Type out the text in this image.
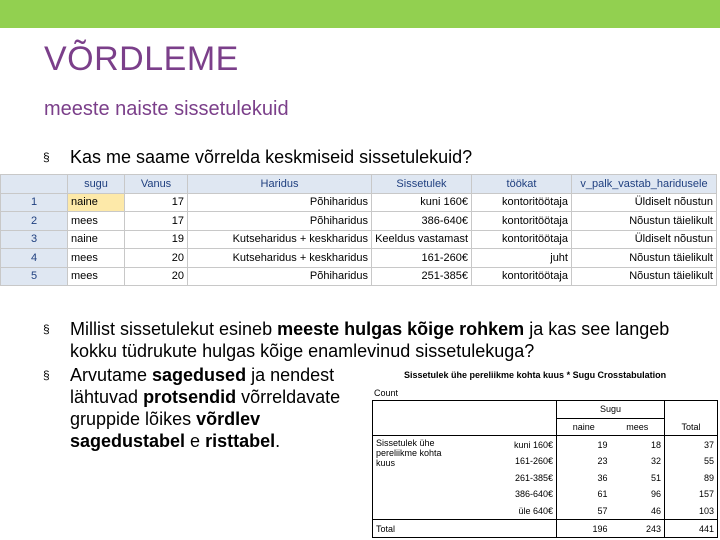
VÕRDLEME
meeste naiste sissetulekuid
§ Kas me saame võrrelda keskmiseid sissetulekuid?
	sugu	Vanus	Haridus	Sissetulek	töökat	v_palk_vastab_haridusele
1	naine	17	Põhiharidus	kuni 160€	kontoritöötaja	Üldiselt nõustun
2	mees	17	Põhiharidus	386-640€	kontoritöötaja	Nõustun täielikult
3	naine	19	Kutseharidus + keskharidus	Keeldus vastamast	kontoritöötaja	Üldiselt nõustun
4	mees	20	Kutseharidus + keskharidus	161-260€	juht	Nõustun täielikult
5	mees	20	Põhiharidus	251-385€	kontoritöötaja	Nõustun täielikult
§ Millist sissetulekut esineb meeste hulgas kõige rohkem ja kas see langeb kokku tüdrukute hulgas kõige enamlevinud sissetulekuga?
§ Arvutame sagedused ja nendest lähtuvad protsendid võrreldavate gruppide lõikes võrdlev sagedustabel e risttabel.
Sissetulek ühe pereliikme kohta kuus * Sugu Crosstabulation
Count
		Sugu		
		naine	mees	Total
Sissetulek ühe pereliikme kohta kuus	kuni 160€	19	18	37
	161-260€	23	32	55
	261-385€	36	51	89
	386-640€	61	96	157
	üle 640€	57	46	103
Total		196	243	441
